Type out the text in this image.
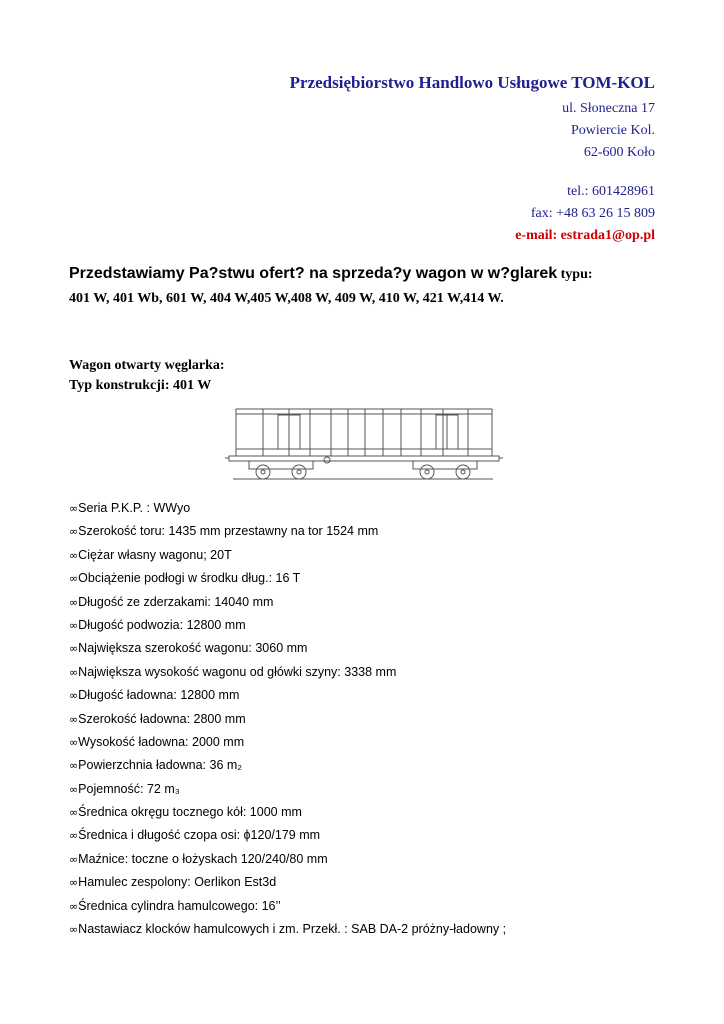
Przedsiębiorstwo Handlowo Usługowe TOM-KOL
ul. Słoneczna 17
Powiercie Kol.
62-600 Koło
tel.: 601428961
fax: +48 63 26 15 809
e-mail: estrada1@op.pl
Przedstawiamy Pa?stwu ofert? na sprzeda?y wagon w w?glarek typu:
401 W, 401 Wb, 601 W, 404 W,405 W,408 W, 409 W, 410 W, 421 W,414 W.
Wagon otwarty węglarka:
Typ konstrukcji: 401 W
∞Seria P.K.P. : WWyo
∞Szerokość toru: 1435 mm przestawny na tor 1524 mm
∞Ciężar własny wagonu; 20T
∞Obciążenie podłogi w środku dług.: 16 T
∞Długość ze zderzakami: 14040 mm
∞Długość podwozia: 12800 mm
∞Największa szerokość wagonu: 3060 mm
∞Największa wysokość wagonu od główki szyny: 3338 mm
∞Długość ładowna: 12800 mm
∞Szerokość ładowna: 2800 mm
∞Wysokość ładowna: 2000 mm
∞Powierzchnia ładowna: 36 m₂
∞Pojemność: 72 m₃
∞Średnica okręgu tocznego kół: 1000 mm
∞Średnica i długość czopa osi: ϕ120/179 mm
∞Maźnice: toczne o łożyskach 120/240/80 mm
∞Hamulec zespolony: Oerlikon Est3d
∞Średnica cylindra hamulcowego: 16’’
∞Nastawiacz klocków hamulcowych i zm. Przekł. : SAB DA-2 próżny-ładowny ;
